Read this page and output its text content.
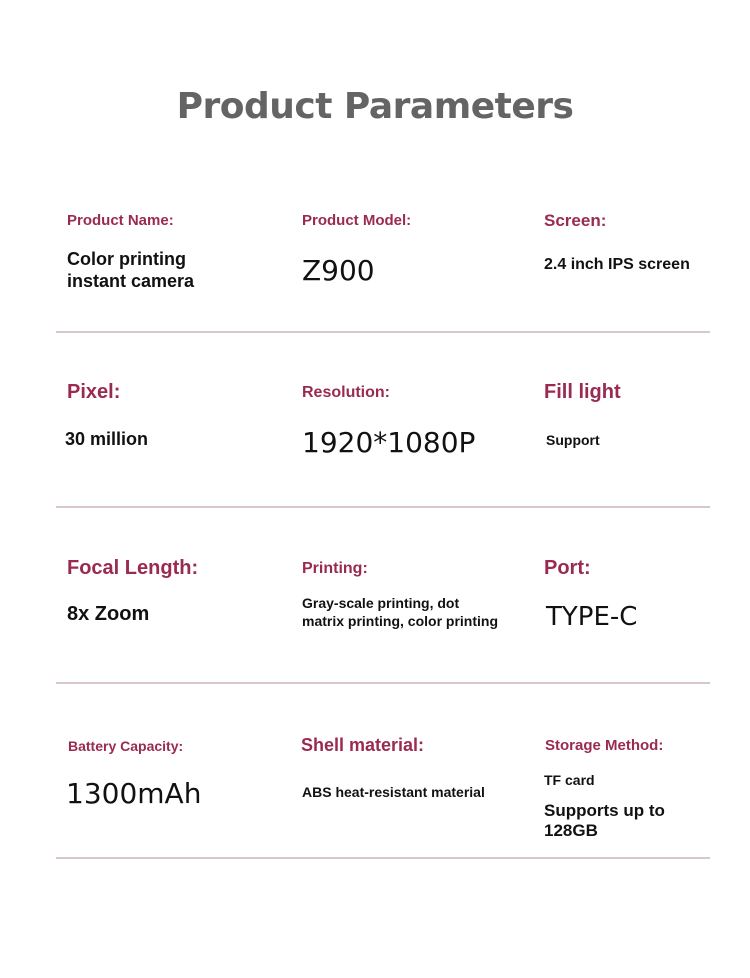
Product Parameters
Product Name:
Color printing instant camera
Product Model:
Z900
Screen:
2.4 inch IPS screen
Pixel:
30 million
Resolution:
1920*1080P
Fill light
Support
Focal Length:
8x Zoom
Printing:
Gray-scale printing, dot matrix printing, color printing
Port:
TYPE-C
Battery Capacity:
1300mAh
Shell material:
ABS heat-resistant material
Storage Method:
TF card
Supports up to 128GB
